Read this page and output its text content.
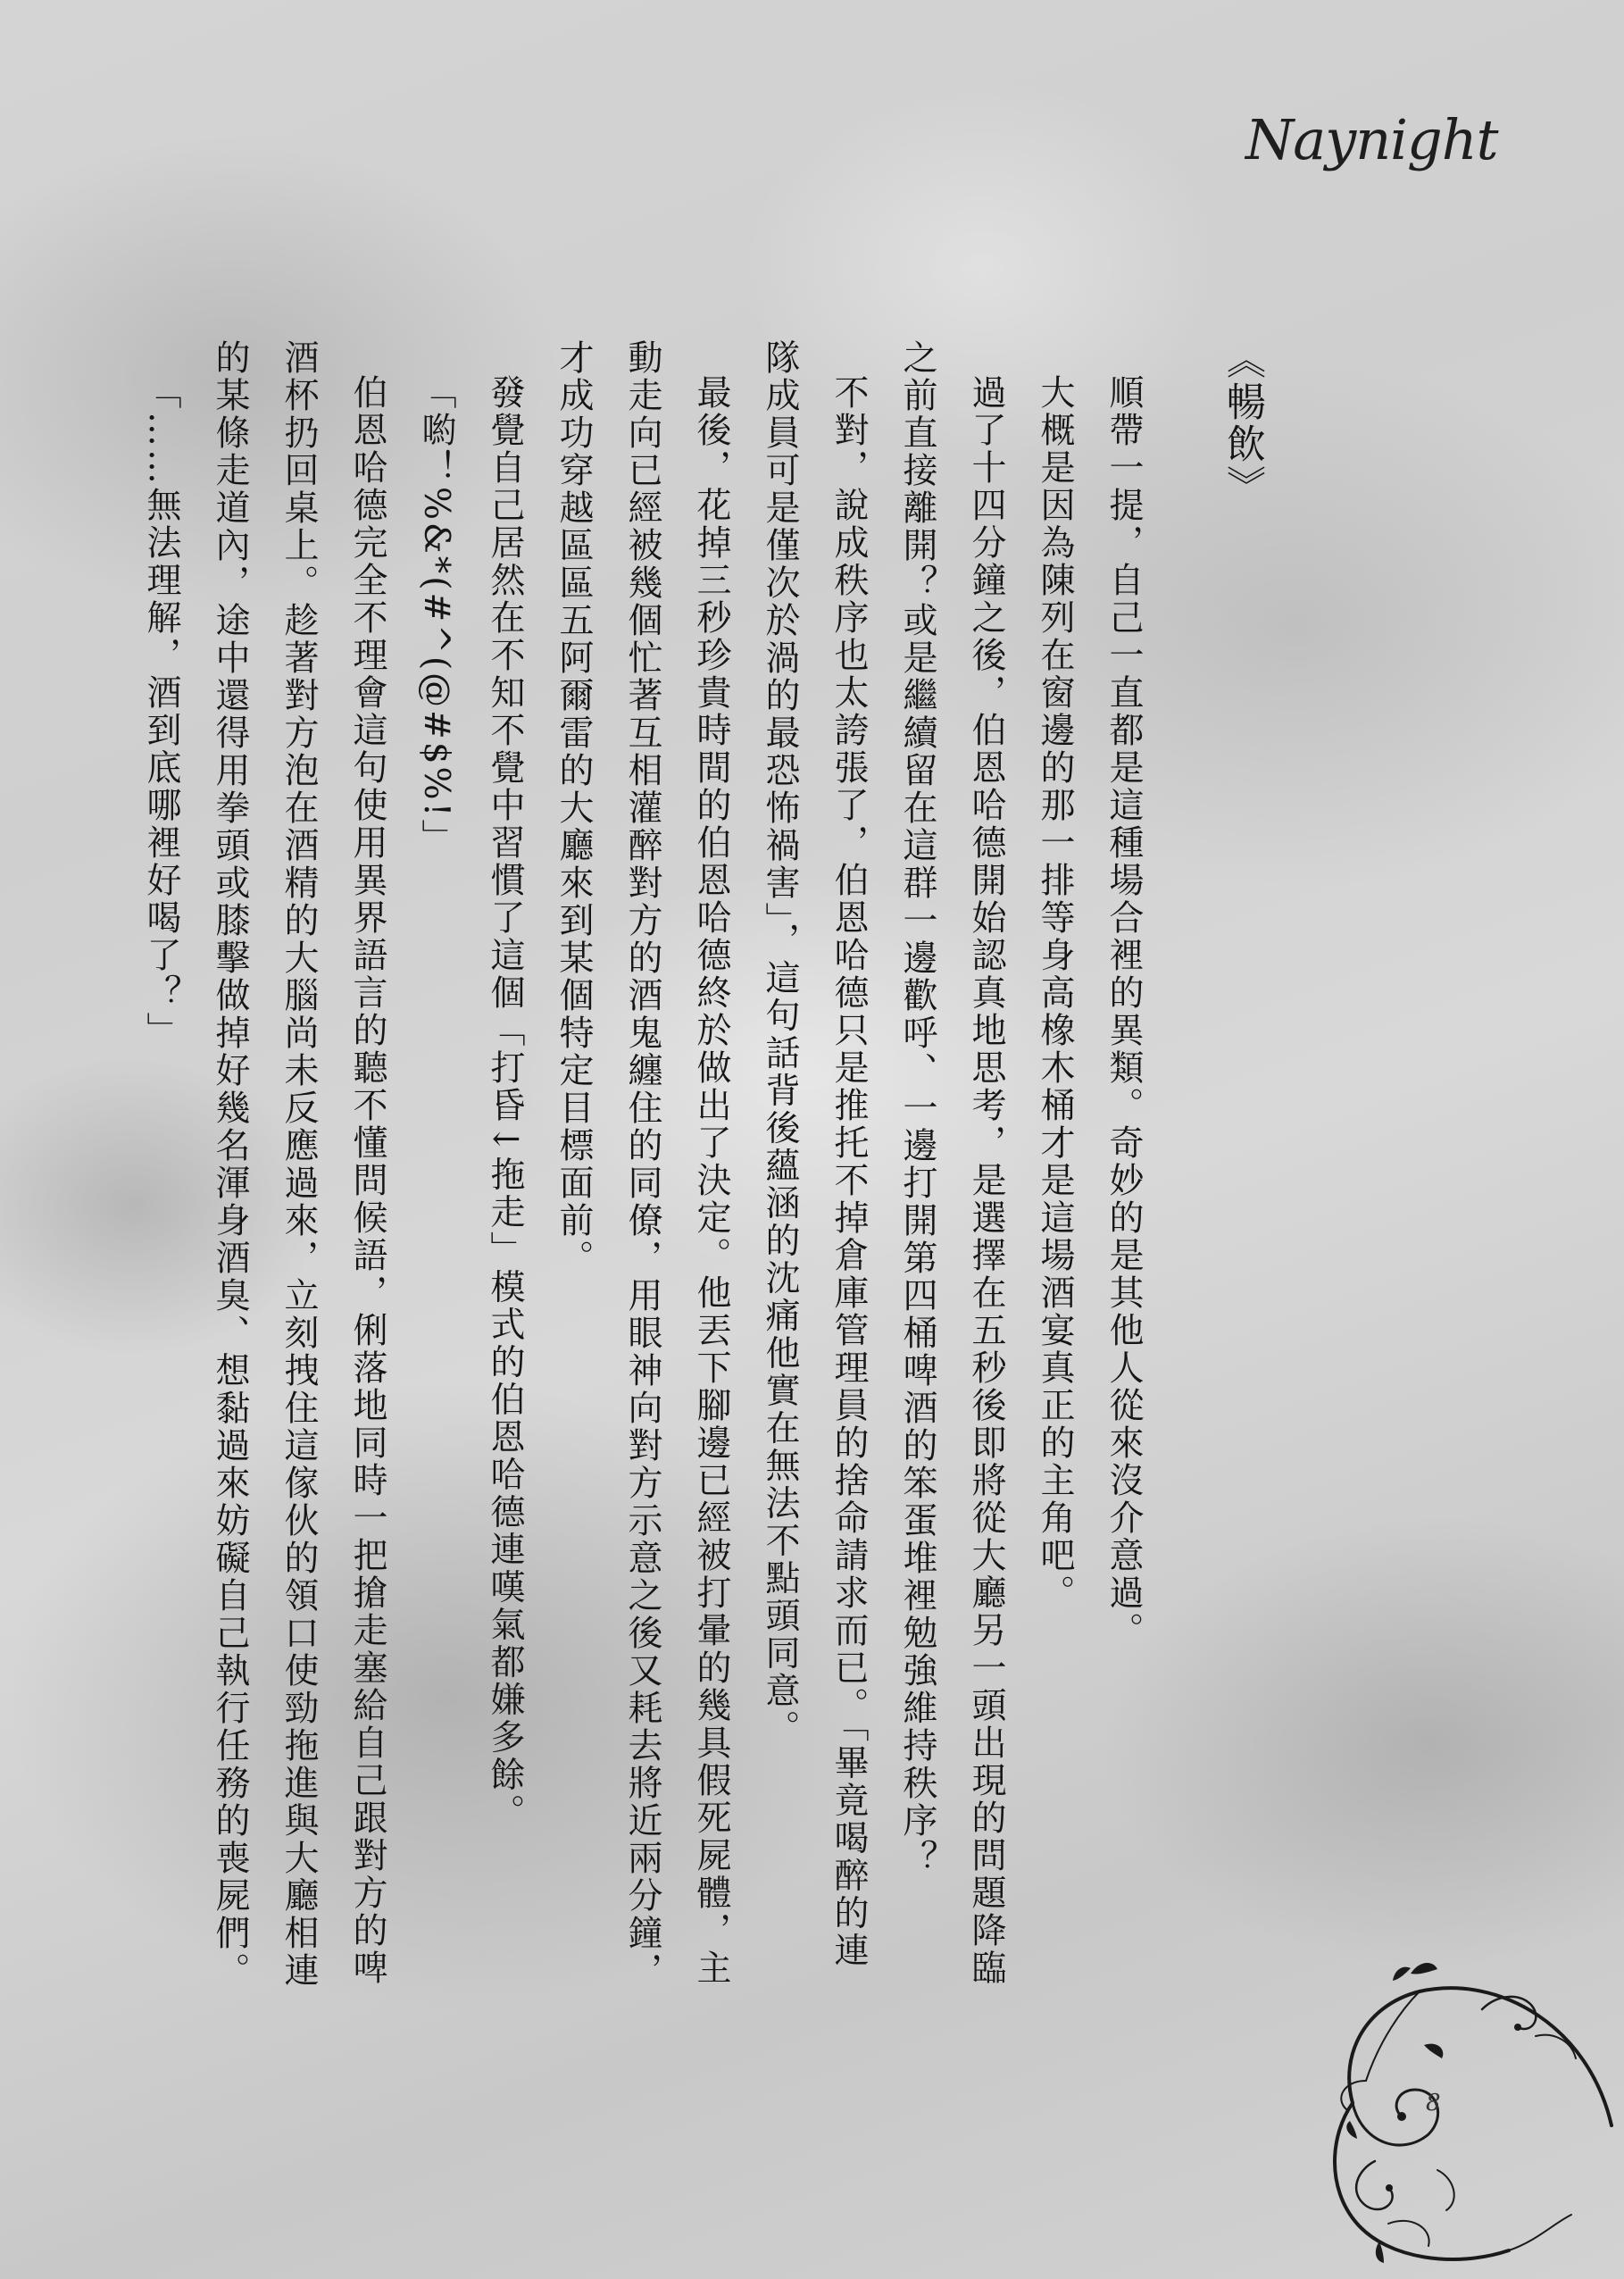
Naynight
《暢飲》

順帶一提，自己一直都是這種場合裡的異類。奇妙的是其他人從來沒介意過。

大概是因為陳列在窗邊的那一排等身高橡木桶才是這場酒宴真正的主角吧。

過了十四分鐘之後，伯恩哈德開始認真地思考，是選擇在五秒後即將從大廳另一頭出現的問題降臨之前直接離開？或是繼續留在這群一邊歡呼、一邊打開第四桶啤酒的笨蛋堆裡勉強維持秩序？

不對，說成秩序也太誇張了，伯恩哈德只是推托不掉倉庫管理員的捨命請求而已。「畢竟喝醉的連隊成員可是僅次於渦的最恐怖禍害」，這句話背後蘊涵的沈痛他實在無法不點頭同意。

最後，花掉三秒珍貴時間的伯恩哈德終於做出了決定。他丟下腳邊已經被打暈的幾具假死屍體，主動走向已經被幾個忙著互相灌醉對方的酒鬼纏住的同僚，用眼神向對方示意之後又耗去將近兩分鐘，才成功穿越區區五阿爾雷的大廳來到某個特定目標面前。

發覺自己居然在不知不覺中習慣了這個「打昏↓拖走」模式的伯恩哈德連嘆氣都嫌多餘。

「喲！%&*(#^(@#$%!」

伯恩哈德完全不理會這句使用異界語言的聽不懂問候語，俐落地同時一把搶走塞給自己跟對方的啤酒杯扔回桌上。趁著對方泡在酒精的大腦尚未反應過來，立刻拽住這傢伙的領口使勁拖進與大廳相連的某條走道內，途中還得用拳頭或膝擊做掉好幾名渾身酒臭、想黏過來妨礙自己執行任務的喪屍們。

「……無法理解，酒到底哪裡好喝了？」

8
